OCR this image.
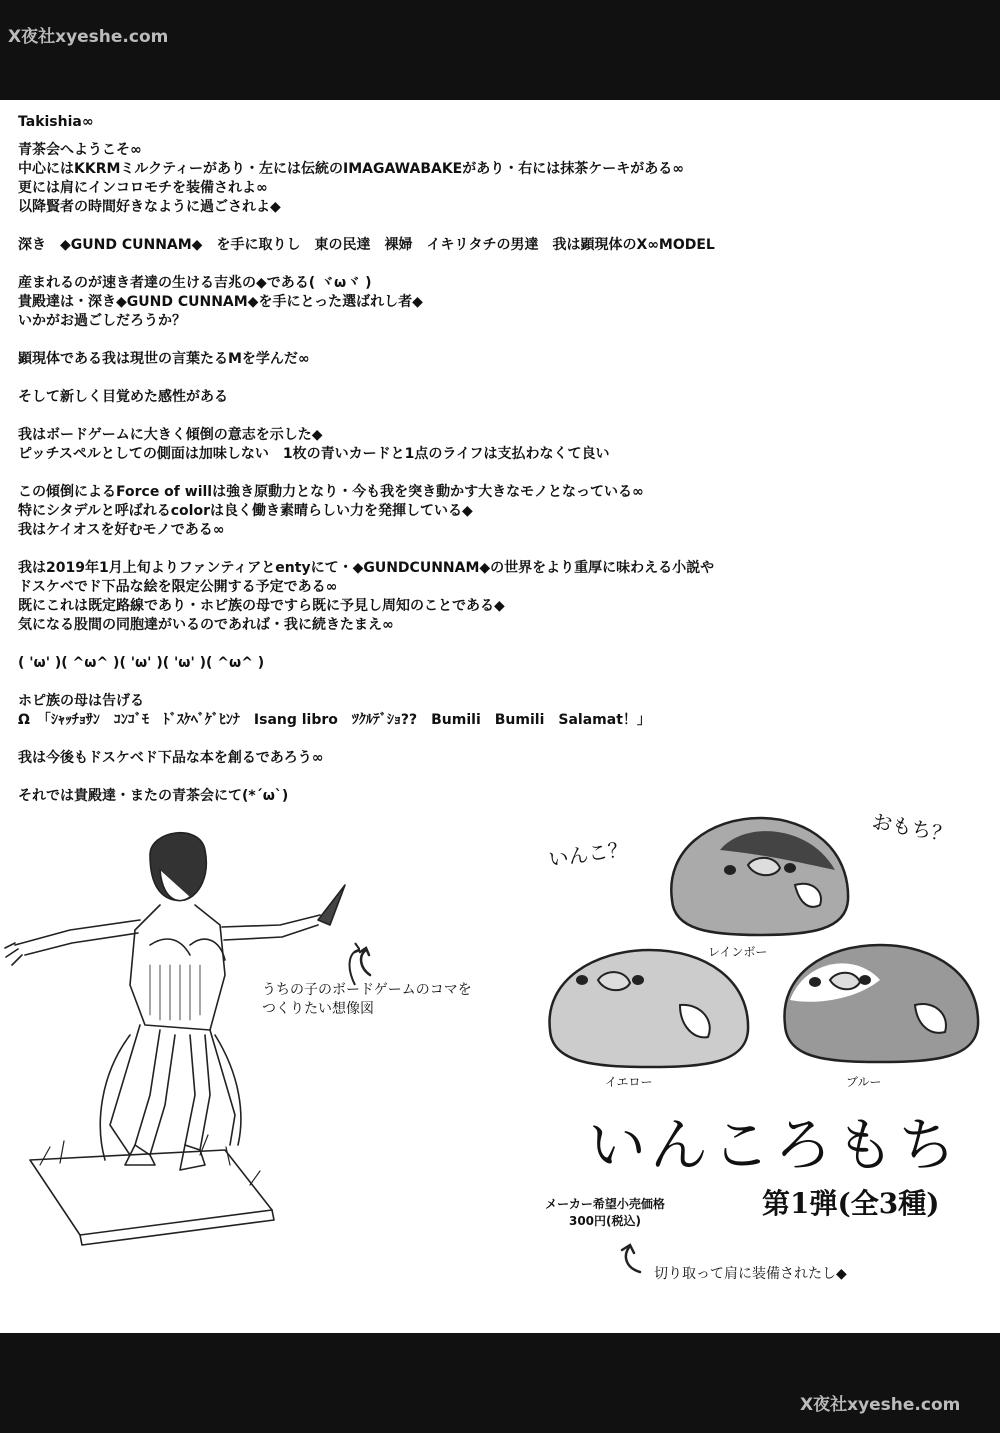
X夜社xyeshe.com
Takishia∞
青茶会へようこそ∞
中心にはKKRMミルクティーがあり・左には伝統のIMAGAWABAKEがあり・右には抹茶ケーキがある∞
更には肩にインコロモチを装備されよ∞
以降賢者の時間好きなように過ごされよ◆
深き　◆GUND CUNNAM◆　を手に取りし　東の民達　裸婦　イキリタチの男達　我は顕現体のX∞MODEL
産まれるのが速き者達の生ける吉兆の◆である( ヾωヾ )
貴殿達は・深き◆GUND CUNNAM◆を手にとった選ばれし者◆
いかがお過ごしだろうか？
顕現体である我は現世の言葉たるMを学んだ∞
そして新しく目覚めた感性がある
我はボードゲームに大きく傾倒の意志を示した◆
ピッチスペルとしての側面は加味しない　1枚の青いカードと1点のライフは支払わなくて良い
この傾倒によるForce of willは強き原動力となり・今も我を突き動かす大きなモノとなっている∞
特にシタデルと呼ばれるcolorは良く働き素晴らしい力を発揮している◆
我はケイオスを好むモノである∞
我は2019年1月上旬よりファンティアとentyにて・◆GUNDCUNNAM◆の世界をより重厚に味わえる小説や
ドスケベでド下品な絵を限定公開する予定である∞
既にこれは既定路線であり・ホピ族の母ですら既に予見し周知のことである◆
気になる股間の同胞達がいるのであれば・我に続きたまえ∞
( 'ω' )( ^ω^ )( 'ω' )( 'ω' )( ^ω^ )
ホピ族の母は告げる
Ω　「ｼｬｯﾁｮｻﾝ　ｺﾝｺﾞﾓ　ﾄﾞｽｹﾍﾞｹﾞﾋﾝﾅ　Isang libro　ﾂｸﾙﾃﾞｼｮ??　Bumili　Bumili　Salamat！」
我は今後もドスケベド下品な本を創るであろう∞
それでは貴殿達・またの青茶会にて(*´ω`)
うちの子のボードゲームのコマを
つくりたい想像図
いんこ？
おもち？
レインボー
イエロー	ブルー
いんころもち
メーカー希望小売価格
300円(税込)
第1弾(全3種)
切り取って肩に装備されたし◆
X夜社xyeshe.com
